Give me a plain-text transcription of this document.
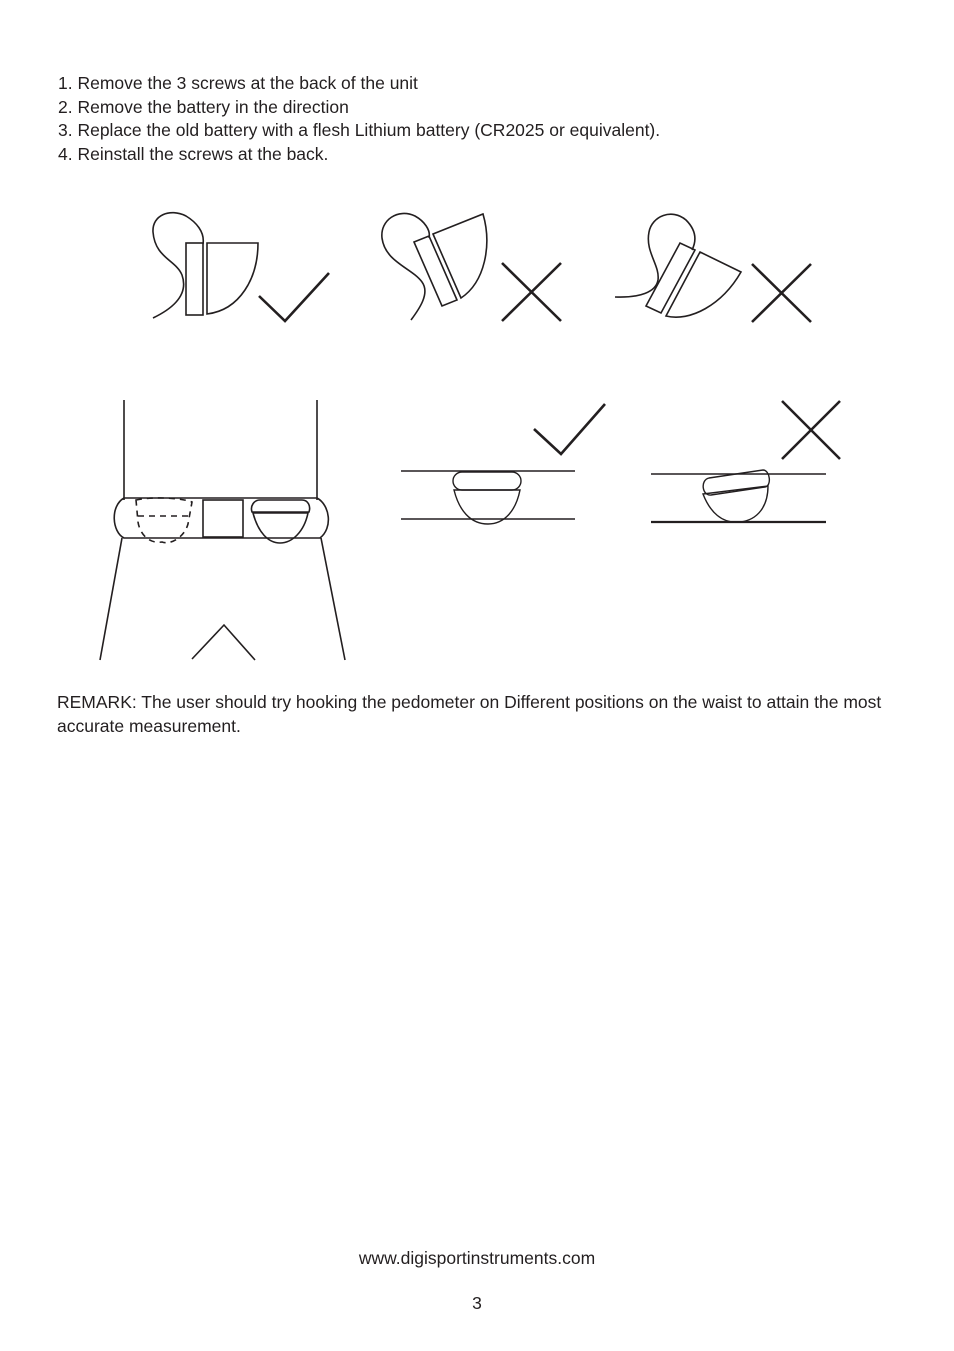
1. Remove the 3 screws at the back of the unit
2. Remove the battery in the direction
3. Replace the old battery with a flesh Lithium battery (CR2025 or equivalent).
4. Reinstall the screws at the back.

REMARK: The user should try hooking the pedometer on Different positions on the waist to attain the most accurate measurement.

www.digisportinstruments.com
3
